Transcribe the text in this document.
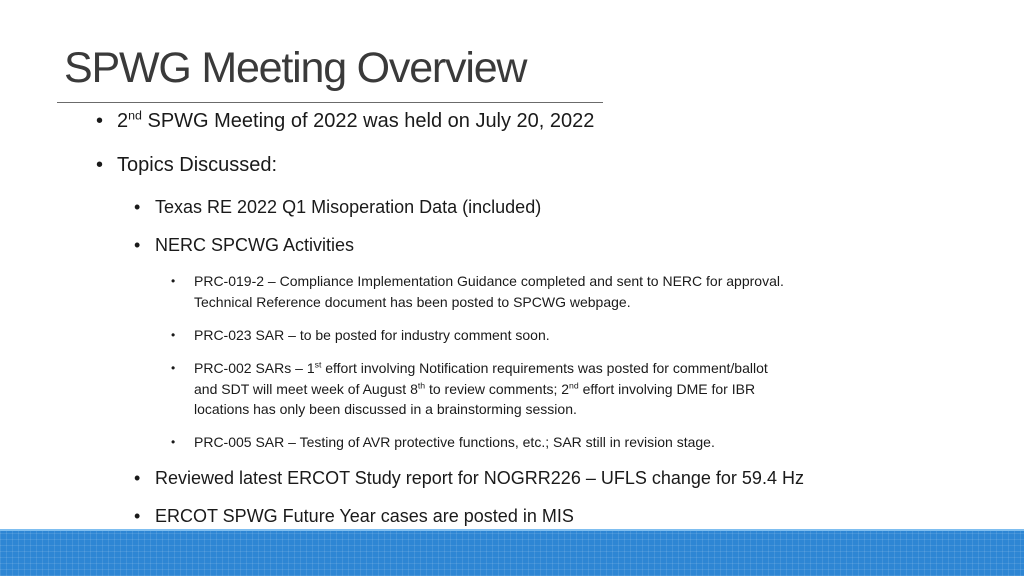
SPWG Meeting Overview
• 2nd SPWG Meeting of 2022 was held on July 20, 2022
• Topics Discussed:
• Texas RE 2022 Q1 Misoperation Data (included)
• NERC SPCWG Activities
• PRC-019-2 – Compliance Implementation Guidance completed and sent to NERC for approval.
Technical Reference document has been posted to SPCWG webpage.
• PRC-023 SAR – to be posted for industry comment soon.
• PRC-002 SARs – 1st effort involving Notification requirements was posted for comment/ballot
and SDT will meet week of August 8th to review comments; 2nd effort involving DME for IBR
locations has only been discussed in a brainstorming session.
• PRC-005 SAR – Testing of AVR protective functions, etc.; SAR still in revision stage.
• Reviewed latest ERCOT Study report for NOGRR226 – UFLS change for 59.4 Hz
• ERCOT SPWG Future Year cases are posted in MIS
